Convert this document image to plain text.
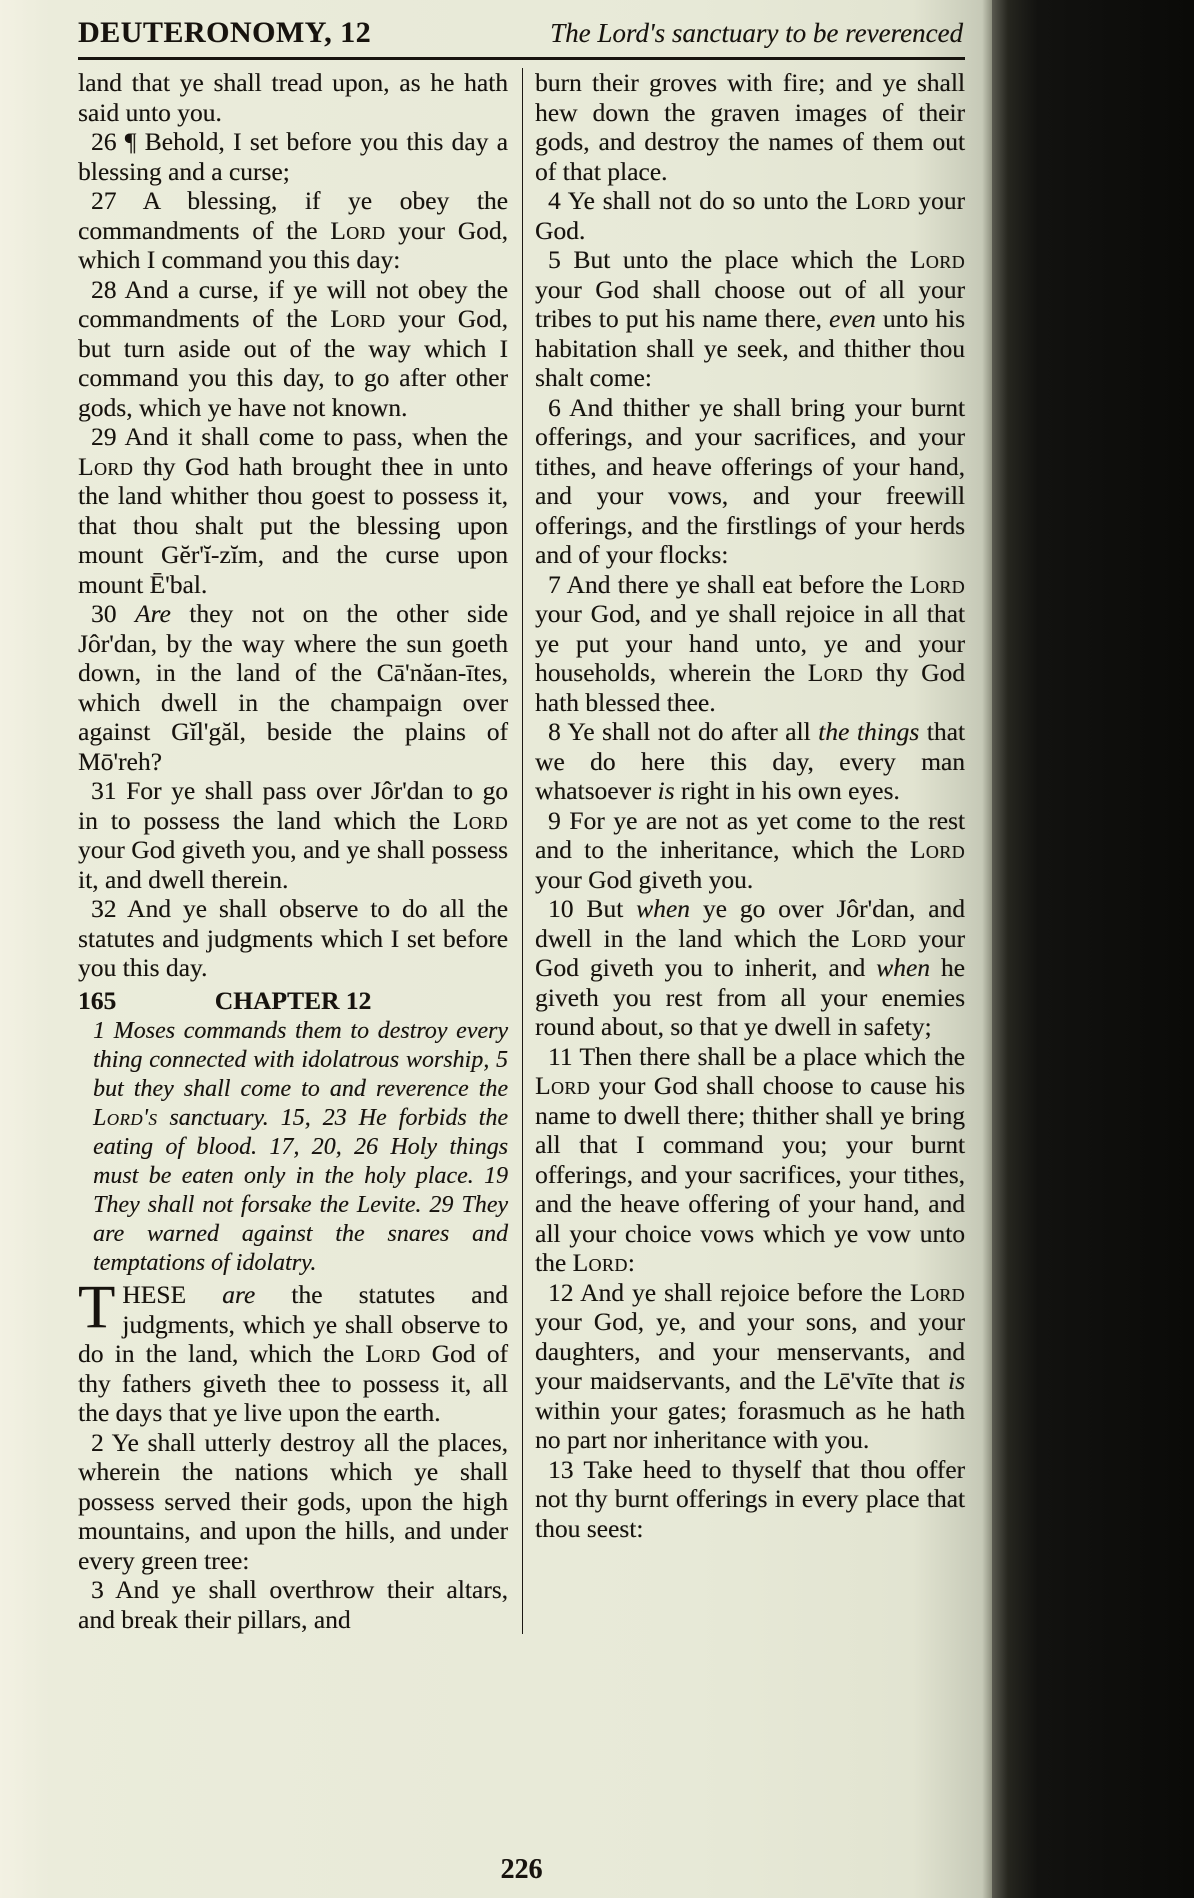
DEUTERONOMY, 12	The Lord's sanctuary to be reverenced

land that ye shall tread upon, as he hath said unto you.

26 ¶ Behold, I set before you this day a blessing and a curse;

27 A blessing, if ye obey the commandments of the Lord your God, which I command you this day:

28 And a curse, if ye will not obey the commandments of the Lord your God, but turn aside out of the way which I command you this day, to go after other gods, which ye have not known.

29 And it shall come to pass, when the Lord thy God hath brought thee in unto the land whither thou goest to possess it, that thou shalt put the blessing upon mount Gĕr'ĭ-zĭm, and the curse upon mount Ē'bal.

30 Are they not on the other side Jôr'dan, by the way where the sun goeth down, in the land of the Cā'năan-ītes, which dwell in the champaign over against Gĭl'găl, beside the plains of Mō'reh?

31 For ye shall pass over Jôr'dan to go in to possess the land which the Lord your God giveth you, and ye shall possess it, and dwell therein.

32 And ye shall observe to do all the statutes and judgments which I set before you this day.

165	CHAPTER 12

1 Moses commands them to destroy every thing connected with idolatrous worship, 5 but they shall come to and reverence the Lord's sanctuary. 15, 23 He forbids the eating of blood. 17, 20, 26 Holy things must be eaten only in the holy place. 19 They shall not forsake the Levite. 29 They are warned against the snares and temptations of idolatry.

THESE are the statutes and judgments, which ye shall observe to do in the land, which the Lord God of thy fathers giveth thee to possess it, all the days that ye live upon the earth.

2 Ye shall utterly destroy all the places, wherein the nations which ye shall possess served their gods, upon the high mountains, and upon the hills, and under every green tree:

3 And ye shall overthrow their altars, and break their pillars, and

burn their groves with fire; and ye shall hew down the graven images of their gods, and destroy the names of them out of that place.

4 Ye shall not do so unto the Lord your God.

5 But unto the place which the Lord your God shall choose out of all your tribes to put his name there, even unto his habitation shall ye seek, and thither thou shalt come:

6 And thither ye shall bring your burnt offerings, and your sacrifices, and your tithes, and heave offerings of your hand, and your vows, and your freewill offerings, and the firstlings of your herds and of your flocks:

7 And there ye shall eat before the Lord your God, and ye shall rejoice in all that ye put your hand unto, ye and your households, wherein the Lord thy God hath blessed thee.

8 Ye shall not do after all the things that we do here this day, every man whatsoever is right in his own eyes.

9 For ye are not as yet come to the rest and to the inheritance, which the Lord your God giveth you.

10 But when ye go over Jôr'dan, and dwell in the land which the Lord your God giveth you to inherit, and when he giveth you rest from all your enemies round about, so that ye dwell in safety;

11 Then there shall be a place which the Lord your God shall choose to cause his name to dwell there; thither shall ye bring all that I command you; your burnt offerings, and your sacrifices, your tithes, and the heave offering of your hand, and all your choice vows which ye vow unto the Lord:

12 And ye shall rejoice before the Lord your God, ye, and your sons, and your daughters, and your menservants, and your maidservants, and the Lē'vīte that is within your gates; forasmuch as he hath no part nor inheritance with you.

13 Take heed to thyself that thou offer not thy burnt offerings in every place that thou seest:

226
